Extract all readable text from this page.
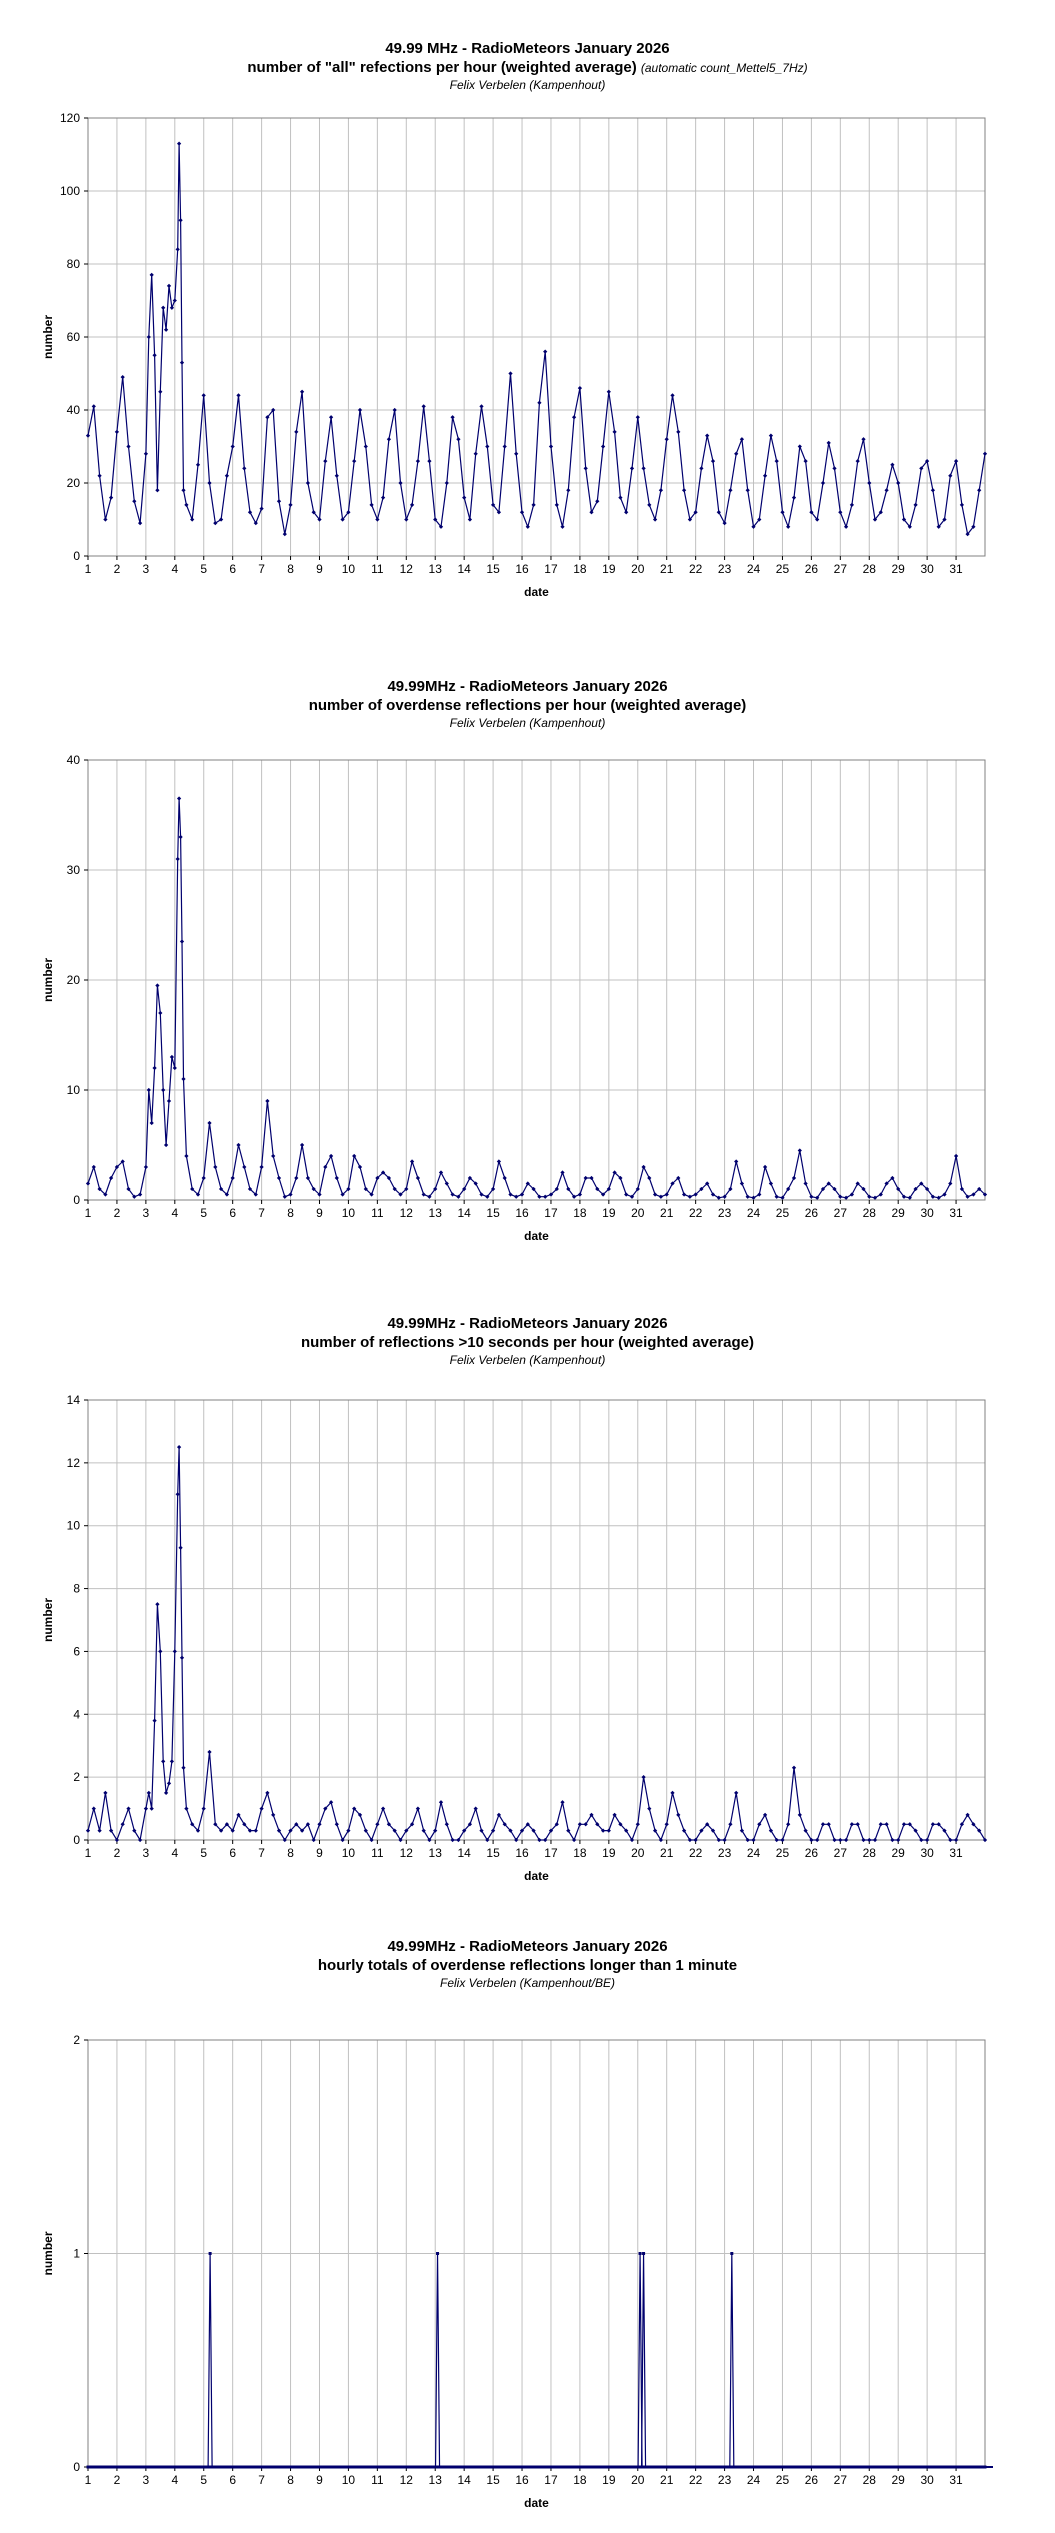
49.99 MHz - RadioMeteors January 2026
number of "all" refections per hour (weighted average) (automatic count_Mettel5_7Hz)
Felix Verbelen (Kampenhout)
0
20
40
60
80
100
120
1 2 3 4 5 6 7 8 9 10 11 12 13 14 15 16 17 18 19 20 21 22 23 24 25 26 27 28 29 30 31
date
number
49.99MHz - RadioMeteors January 2026
number of overdense reflections per hour (weighted average)
Felix Verbelen (Kampenhout)
0
10
20
30
40
1 2 3 4 5 6 7 8 9 10 11 12 13 14 15 16 17 18 19 20 21 22 23 24 25 26 27 28 29 30 31
date
number
49.99MHz - RadioMeteors January 2026
number of reflections >10 seconds per hour (weighted average)
Felix Verbelen (Kampenhout)
0
2
4
6
8
10
12
14
1 2 3 4 5 6 7 8 9 10 11 12 13 14 15 16 17 18 19 20 21 22 23 24 25 26 27 28 29 30 31
date
number
49.99MHz - RadioMeteors January 2026
hourly totals of overdense reflections longer than 1 minute
Felix Verbelen (Kampenhout/BE)
0
1
2
1 2 3 4 5 6 7 8 9 10 11 12 13 14 15 16 17 18 19 20 21 22 23 24 25 26 27 28 29 30 31
date
number
